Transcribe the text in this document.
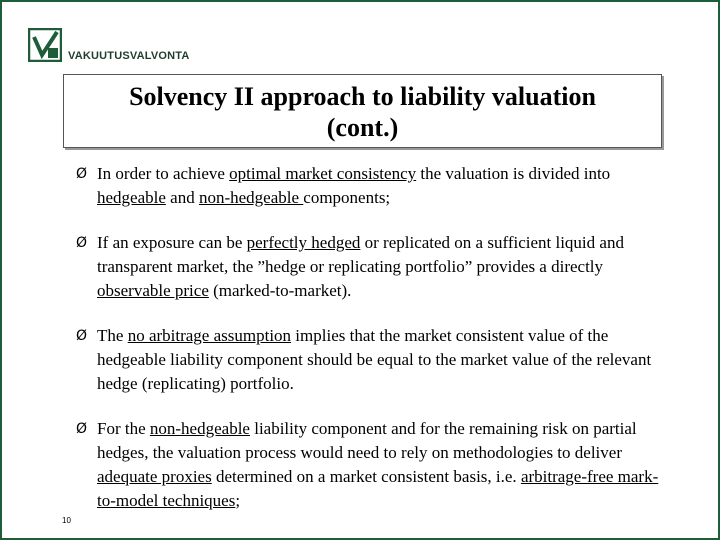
VAKUUTUSVALVONTA
Solvency II approach to liability valuation
(cont.)
Ø In order to achieve optimal market consistency the valuation is divided into hedgeable and non-hedgeable components;
Ø If an exposure can be perfectly hedged or replicated on a sufficient liquid and transparent market, the ”hedge or replicating portfolio” provides a directly observable price (marked-to-market).
Ø The no arbitrage assumption implies that the market consistent value of the hedgeable liability component should be equal to the market value of the relevant hedge (replicating) portfolio.
Ø For the non-hedgeable liability component and for the remaining risk on partial hedges, the valuation process would need to rely on methodologies to deliver adequate proxies determined on a market consistent basis, i.e. arbitrage-free mark-to-model techniques;
10
